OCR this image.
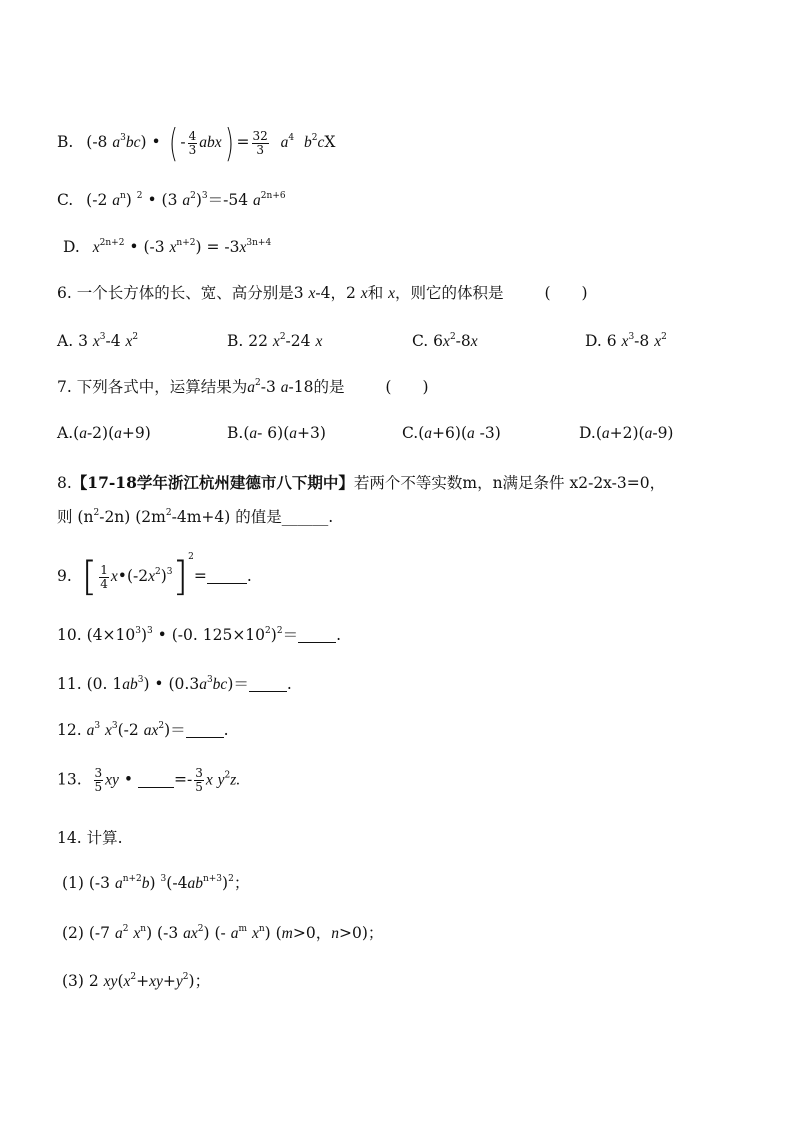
B. (-8 $a^3bc$) • ( - $\frac{4}{3} abx) = \frac{32}{3} a^4$ $b^2cX$
C. (-2 $a^n$) $^2$ • (3 $a^2)^3=-54$ $a^{2n+6}$
D. $x^{2n+2}$ • (-3 $x^{n+2}) = -3x^{3n+4}$
6. 一个长方体的长、宽、高分别是3 x-4，2 x和 x，则它的体积是	(　　)
A. 3 $x^3-4$ $x^2$	B. 22 $x^2-24$ x	C. $6x^2-8x$	D. 6 $x^3-8$ $x^2$
7. 下列各式中，运算结果为$a^2-3$ a-18的是	(　　)
A.(a-2)(a+9)	B.(a- 6)(a+3)	C.(a+6)(a -3)	D.(a+2)(a-9)
8.【17-18学年浙江杭州建德市八下期中】若两个不等实数m，n满足条件 x2-2x-3=0，
则 $(n^2-2n)$ $(2m^2-4m+4)$ 的值是______.
9. [ $\frac{1}{4}$ $x•(-2x^2)^3]^2=$	.
10. $(4\times 10^3)^3$ • (-0. $125\times 10^2)^2=$ .
11. (0. $1ab^3$) • $(0.3a^3bc)=$ .
12. $a^3$ $x^3(-2$ $ax^2)=$ .
13. $\frac{3}{5}$ xy •	=- $\frac{3}{5}$ x $y^2z$.
14. 计算.
(1) (-3 $a^{n+2}b$) $^3(-4ab^{n+3})^2$；
(2) (-7 $a^2$ $x^n$) (-3 $ax^2$) (- $a^m$ $x^n$) (m>0，n>0)；
(3) 2 $xy(x^2+xy+y^2)$；
